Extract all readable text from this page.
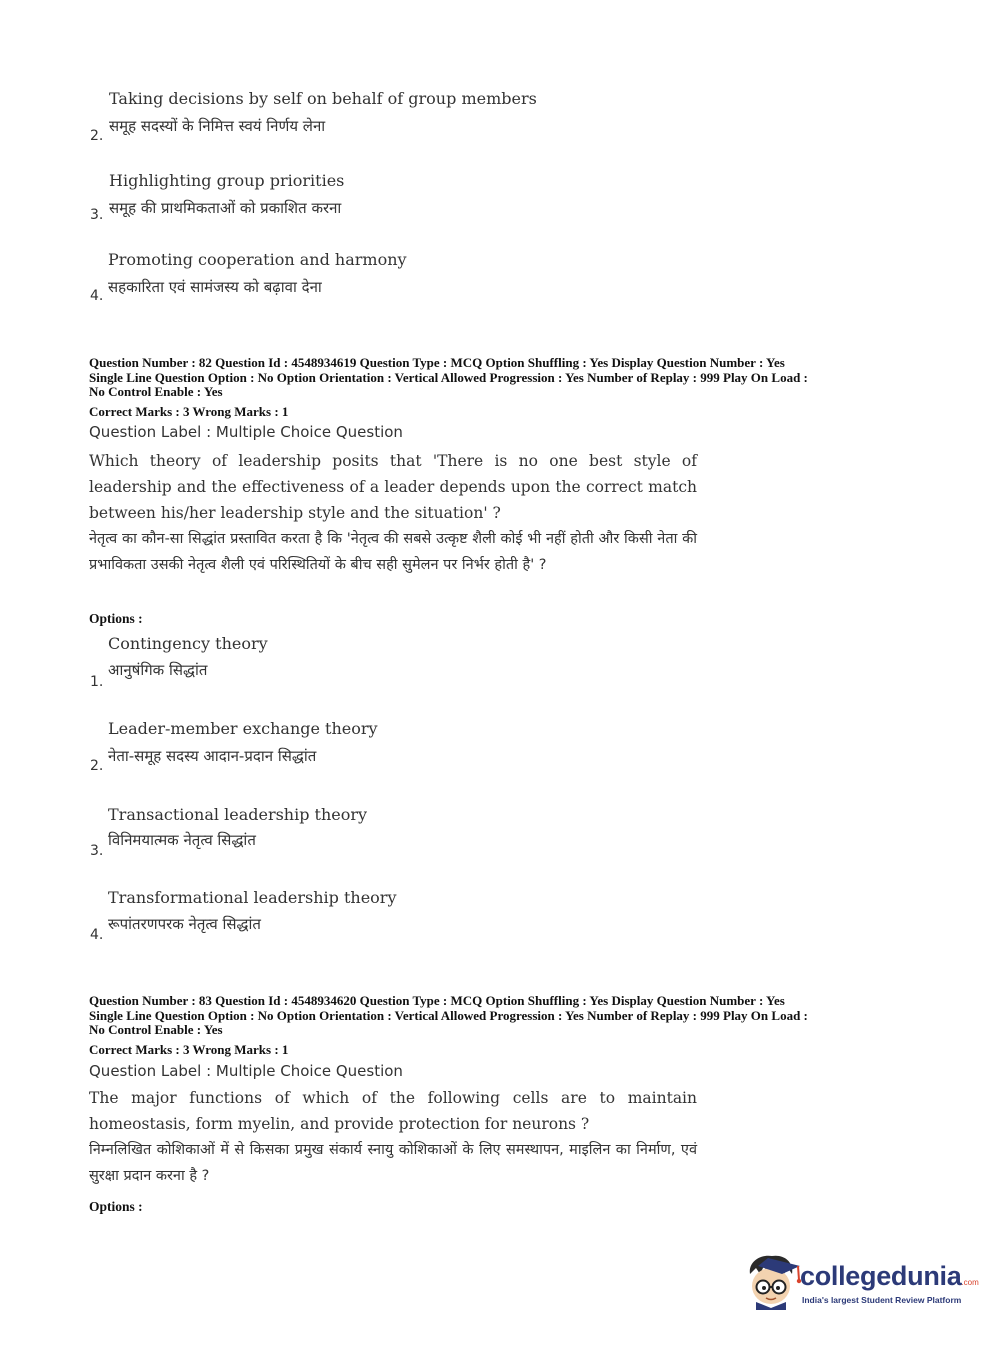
Taking decisions by self on behalf of group members
समूह सदस्यों के निमित्त स्वयं निर्णय लेना
2.
Highlighting group priorities
समूह की प्राथमिकताओं को प्रकाशित करना
3.
Promoting cooperation and harmony
सहकारिता एवं सामंजस्य को बढ़ावा देना
4.
Question Number : 82 Question Id : 4548934619 Question Type : MCQ Option Shuffling : Yes Display Question Number : Yes
Single Line Question Option : No Option Orientation : Vertical Allowed Progression : Yes Number of Replay : 999 Play On Load :
No Control Enable : Yes
Correct Marks : 3 Wrong Marks : 1
Question Label : Multiple Choice Question
Which theory of leadership posits that 'There is no one best style of leadership and the effectiveness of a leader depends upon the correct match between his/her leadership style and the situation' ?
नेतृत्व का कौन-सा सिद्धांत प्रस्तावित करता है कि 'नेतृत्व की सबसे उत्कृष्ट शैली कोई भी नहीं होती और किसी नेता की प्रभाविकता उसकी नेतृत्व शैली एवं परिस्थितियों के बीच सही सुमेलन पर निर्भर होती है' ?
Options :
Contingency theory
आनुषंगिक सिद्धांत
1.
Leader-member exchange theory
नेता-समूह सदस्य आदान-प्रदान सिद्धांत
2.
Transactional leadership theory
विनिमयात्मक नेतृत्व सिद्धांत
3.
Transformational leadership theory
रूपांतरणपरक नेतृत्व सिद्धांत
4.
Question Number : 83 Question Id : 4548934620 Question Type : MCQ Option Shuffling : Yes Display Question Number : Yes
Single Line Question Option : No Option Orientation : Vertical Allowed Progression : Yes Number of Replay : 999 Play On Load :
No Control Enable : Yes
Correct Marks : 3 Wrong Marks : 1
Question Label : Multiple Choice Question
The major functions of which of the following cells are to maintain homeostasis, form myelin, and provide protection for neurons ?
निम्नलिखित कोशिकाओं में से किसका प्रमुख संकार्य स्नायु कोशिकाओं के लिए समस्थापन, माइलिन का निर्माण, एवं सुरक्षा प्रदान करना है ?
Options :
collegedunia.com
India's largest Student Review Platform
